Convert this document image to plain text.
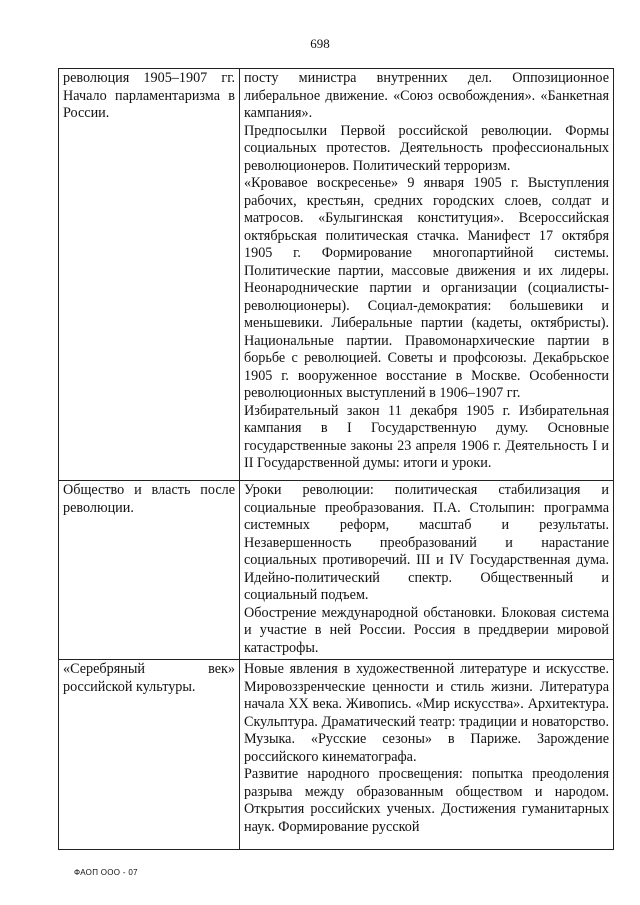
698
революция 1905–1907 гг. Начало парламентаризма в России.	посту министра внутренних дел. Оппозиционное либеральное движение. «Союз освобождения». «Банкетная кампания».

Предпосылки Первой российской революции. Формы социальных протестов. Деятельность профессиональных революционеров. Политический терроризм.

«Кровавое воскресенье» 9 января 1905 г. Выступления рабочих, крестьян, средних городских слоев, солдат и матросов. «Булыгинская конституция». Всероссийская октябрьская политическая стачка. Манифест 17 октября 1905 г. Формирование многопартийной системы. Политические партии, массовые движения и их лидеры. Неонароднические партии и организации (социалисты-революционеры). Социал-демократия: большевики и меньшевики. Либеральные партии (кадеты, октябристы). Национальные партии. Правомонархические партии в борьбе с революцией. Советы и профсоюзы. Декабрьское 1905 г. вооруженное восстание в Москве. Особенности революционных выступлений в 1906–1907 гг.

Избирательный закон 11 декабря 1905 г. Избирательная кампания в I Государственную думу. Основные государственные законы 23 апреля 1906 г. Деятельность I и II Государственной думы: итоги и уроки.

Общество и власть после революции.	Уроки революции: политическая стабилизация и социальные преобразования. П.А. Столыпин: программа системных реформ, масштаб и результаты. Незавершенность преобразований и нарастание социальных противоречий. III и IV Государственная дума. Идейно-политический спектр. Общественный и социальный подъем.

Обострение международной обстановки. Блоковая система и участие в ней России. Россия в преддверии мировой катастрофы.

«Серебряный век» российской культуры.	Новые явления в художественной литературе и искусстве. Мировоззренческие ценности и стиль жизни. Литература начала XX века. Живопись. «Мир искусства». Архитектура. Скульптура. Драматический театр: традиции и новаторство. Музыка. «Русские сезоны» в Париже. Зарождение российского кинематографа.

Развитие народного просвещения: попытка преодоления разрыва между образованным обществом и народом. Открытия российских ученых. Достижения гуманитарных наук. Формирование русской

ФАОП ООО - 07
